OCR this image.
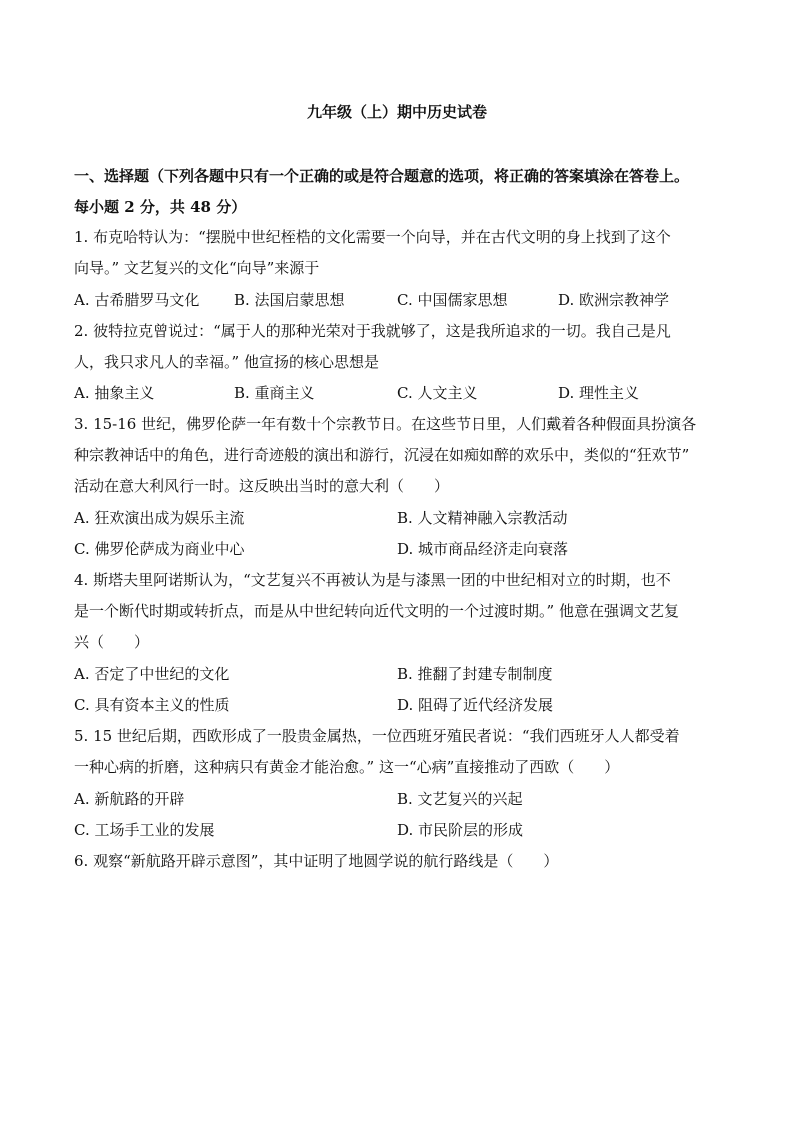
九年级（上）期中历史试卷
一、选择题（下列各题中只有一个正确的或是符合题意的选项，将正确的答案填涂在答卷上。
每小题 2 分，共 48 分）
1. 布克哈特认为：“摆脱中世纪桎梏的文化需要一个向导，并在古代文明的身上找到了这个
向导。” 文艺复兴的文化“向导”来源于
A. 古希腊罗马文化 B. 法国启蒙思想	C. 中国儒家思想	D. 欧洲宗教神学
2. 彼特拉克曾说过：“属于人的那种光荣对于我就够了，这是我所追求的一切。我自己是凡
人，我只求凡人的幸福。” 他宣扬的核心思想是
A. 抽象主义	B. 重商主义	C. 人文主义	D. 理性主义
3. 15-16 世纪，佛罗伦萨一年有数十个宗教节日。在这些节日里，人们戴着各种假面具扮演各
种宗教神话中的角色，进行奇迹般的演出和游行，沉浸在如痴如醉的欢乐中，类似的“狂欢节”
活动在意大利风行一时。这反映出当时的意大利（　　）
A. 狂欢演出成为娱乐主流	B. 人文精神融入宗教活动
C. 佛罗伦萨成为商业中心	D. 城市商品经济走向衰落
4. 斯塔夫里阿诺斯认为，“文艺复兴不再被认为是与漆黑一团的中世纪相对立的时期，也不
是一个断代时期或转折点，而是从中世纪转向近代文明的一个过渡时期。” 他意在强调文艺复
兴（　　）
A. 否定了中世纪的文化	B. 推翻了封建专制制度
C. 具有资本主义的性质	D. 阻碍了近代经济发展
5. 15 世纪后期，西欧形成了一股贵金属热，一位西班牙殖民者说：“我们西班牙人人都受着
一种心病的折磨，这种病只有黄金才能治愈。” 这一“心病”直接推动了西欧（　　）
A. 新航路的开辟	B. 文艺复兴的兴起
C. 工场手工业的发展	D. 市民阶层的形成
6. 观察“新航路开辟示意图”，其中证明了地圆学说的航行路线是（　　）
